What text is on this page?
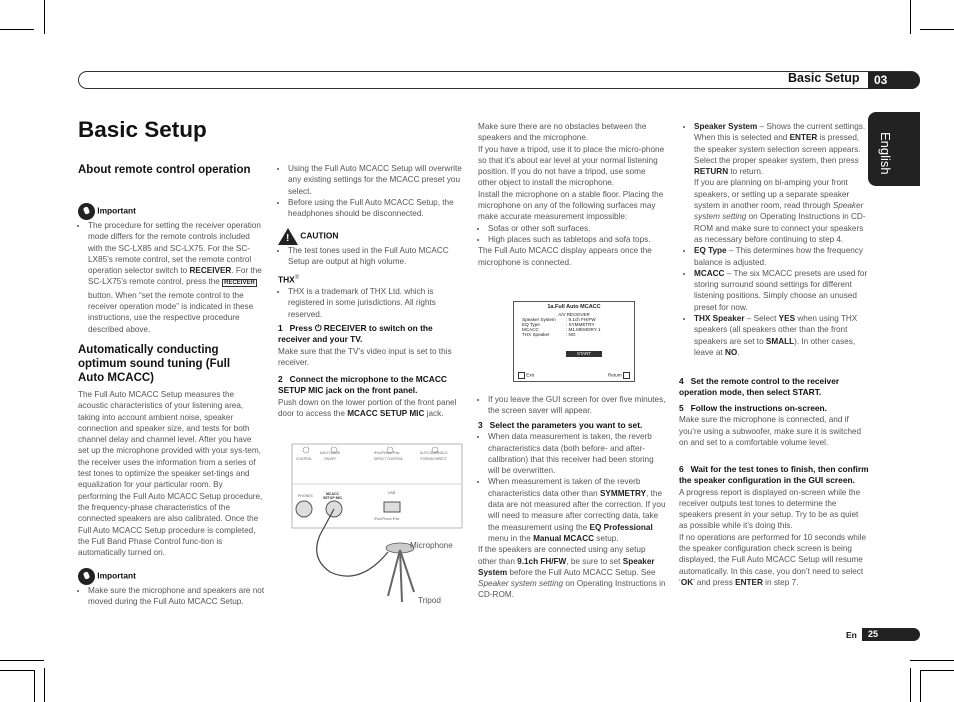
Basic Setup	03
English
Basic Setup
About remote control operation

Important

• The procedure for setting the receiver operation mode differs for the remote controls included with the SC-LX85 and SC-LX75. For the SC-LX85’s remote control, set the remote control operation selector switch to RECEIVER. For the SC-LX75’s remote control, press the RECEIVER button. When “set the remote control to the receiver operation mode” is indicated in these instructions, use the respective procedure described above.
Automatically conducting optimum sound tuning (Full Auto MCACC)
The Full Auto MCACC Setup measures the acoustic characteristics of your listening area, taking into account ambient noise, speaker connection and speaker size, and tests for both channel delay and channel level. After you have set up the microphone provided with your sys-tem, the receiver uses the information from a series of test tones to optimize the speaker set-tings and equalization for your particular room. By performing the Full Auto MCACC Setup procedure, the frequency-phase characteristics of the connected speakers are also calibrated. Once the Full Auto MCACC Setup procedure is completed, the Full Band Phase Control func-tion is automatically turned on.

Important

• Make sure the microphone and speakers are not moved during the Full Auto MCACC Setup.
• Using the Full Auto MCACC Setup will overwrite any existing settings for the MCACC preset you select.
• Before using the Full Auto MCACC Setup, the headphones should be disconnected.

! CAUTION

• The test tones used in the Full Auto MCACC Setup are output at high volume.

THX®

• THX is a trademark of THX Ltd. which is registered in some jurisdictions. All rights reserved.

1 Press ⏻ RECEIVER to switch on the receiver and your TV.

Make sure that the TV’s video input is set to this receiver.

2 Connect the microphone to the MCACC SETUP MIC jack on the front panel.

Push down on the lower portion of the front panel door to access the MCACC SETUP MIC jack.

CONTROL	ON/OFF
MULTI-ZONE	iPod iPhone iPad
DIRECT CONTROL
AUTO SURR/ALC/
STREAM DIRECT
PHONES	MCACC
SETUP MIC
USB
iPod iPhone iPad
Microphone
Tripod

Make sure there are no obstacles between the speakers and the microphone.

If you have a tripod, use it to place the micro-phone so that it’s about ear level at your normal listening position. If you do not have a tripod, use some other object to install the microphone.

Install the microphone on a stable floor. Placing the microphone on any of the following surfaces may make accurate measurement impossible:

• Sofas or other soft surfaces.
• High places such as tabletops and sofa tops.

The Full Auto MCACC display appears once the microphone is connected.

1a.Full Auto MCACC
A/V RECEIVER
Speaker System : 9.1ch FH/FW
EQ Type	: SYMMETRY
MCACC	: M1.MEMORY 1
THX Speaker	: NO
START
Exit	Return
• If you leave the GUI screen for over five minutes, the screen saver will appear.

3 Select the parameters you want to set.

• When data measurement is taken, the reverb characteristics data (both before- and after-calibration) that this receiver had been storing will be overwritten.
• When measurement is taken of the reverb characteristics data other than SYMMETRY, the data are not measured after the correction. If you will need to measure after correcting data, take the measurement using the EQ Professional menu in the Manual MCACC setup.

If the speakers are connected using any setup other than 9.1ch FH/FW, be sure to set Speaker System before the Full Auto MCACC Setup. See Speaker system setting on Operating Instructions in CD-ROM.

• Speaker System – Shows the current settings. When this is selected and ENTER is pressed, the speaker system selection screen appears. Select the proper speaker system, then press RETURN to return.
If you are planning on bi-amping your front speakers, or setting up a separate speaker system in another room, read through Speaker system setting on Operating Instructions in CD-ROM and make sure to connect your speakers as necessary before continuing to step 4.
• EQ Type – This determines how the frequency balance is adjusted.
• MCACC – The six MCACC presets are used for storing surround sound settings for different listening positions. Simply choose an unused preset for now.
• THX Speaker – Select YES when using THX speakers (all speakers other than the front speakers are set to SMALL). In other cases, leave at NO.

4 Set the remote control to the receiver operation mode, then select START.

5 Follow the instructions on-screen.

Make sure the microphone is connected, and if you’re using a subwoofer, make sure it is switched on and set to a comfortable volume level.

6 Wait for the test tones to finish, then confirm the speaker configuration in the GUI screen.

A progress report is displayed on-screen while the receiver outputs test tones to determine the speakers present in your setup. Try to be as quiet as possible while it’s doing this.

If no operations are performed for 10 seconds while the speaker configuration check screen is being displayed, the Full Auto MCACC Setup will resume automatically. In this case, you don’t need to select ‘OK’ and press ENTER in step 7.

En	25
